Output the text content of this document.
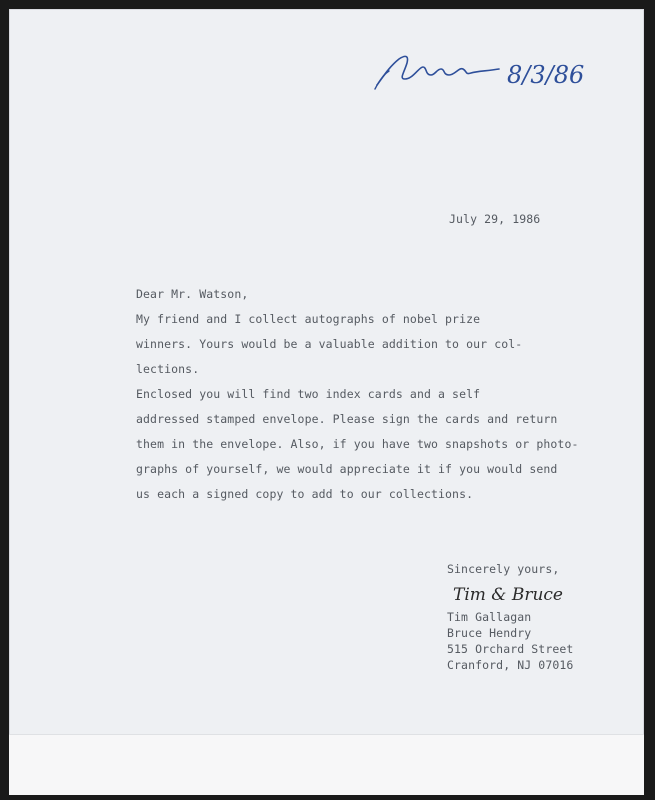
8/3/86
July 29, 1986
Dear Mr. Watson,
My friend and I collect autographs of nobel prize
winners. Yours would be a valuable addition to our col-
lections.
Enclosed you will find two index cards and a self
addressed stamped envelope. Please sign the cards and return
them in the envelope. Also, if you have two snapshots or photo-
graphs of yourself, we would appreciate it if you would send
us each a signed copy to add to our collections.
Sincerely yours,
Tim & Bruce
Tim Gallagan
Bruce Hendry
515 Orchard Street
Cranford, NJ 07016
